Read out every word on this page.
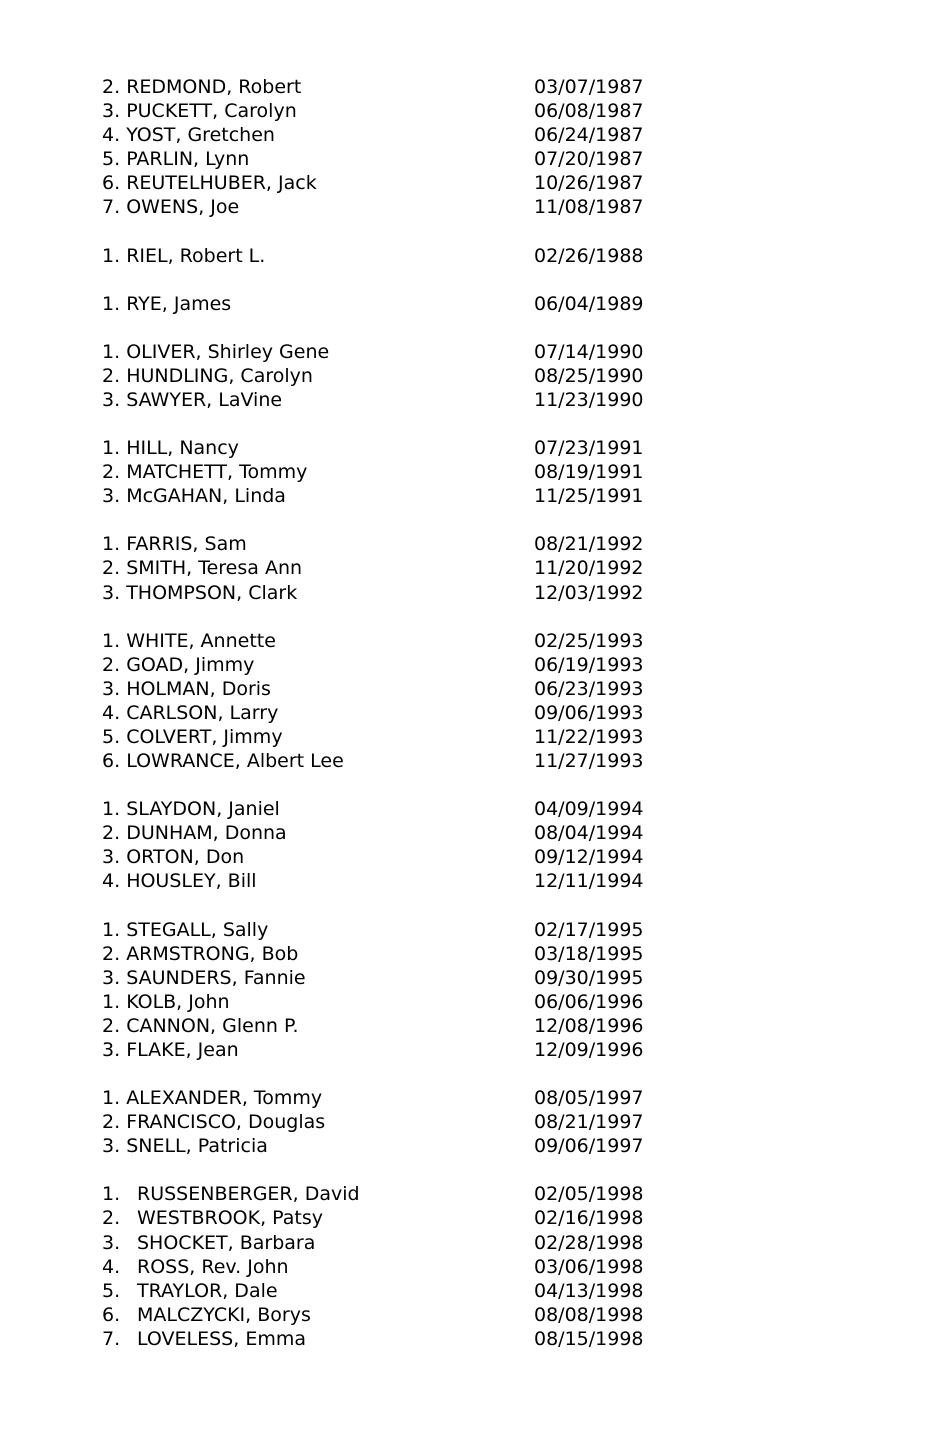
2. REDMOND, Robert	03/07/1987
3. PUCKETT, Carolyn	06/08/1987
4. YOST, Gretchen	06/24/1987
5. PARLIN, Lynn	07/20/1987
6. REUTELHUBER, Jack	10/26/1987
7. OWENS, Joe	11/08/1987
1. RIEL, Robert L.	02/26/1988
1. RYE, James	06/04/1989
1. OLIVER, Shirley Gene	07/14/1990
2. HUNDLING, Carolyn	08/25/1990
3. SAWYER, LaVine	11/23/1990
1. HILL, Nancy	07/23/1991
2. MATCHETT, Tommy	08/19/1991
3. McGAHAN, Linda	11/25/1991
1. FARRIS, Sam	08/21/1992
2. SMITH, Teresa Ann	11/20/1992
3. THOMPSON, Clark	12/03/1992
1. WHITE, Annette	02/25/1993
2. GOAD, Jimmy	06/19/1993
3. HOLMAN, Doris	06/23/1993
4. CARLSON, Larry	09/06/1993
5. COLVERT, Jimmy	11/22/1993
6. LOWRANCE, Albert Lee	11/27/1993
1. SLAYDON, Janiel	04/09/1994
2. DUNHAM, Donna	08/04/1994
3. ORTON, Don	09/12/1994
4. HOUSLEY, Bill	12/11/1994
1. STEGALL, Sally	02/17/1995
2. ARMSTRONG, Bob	03/18/1995
3. SAUNDERS, Fannie	09/30/1995
1. KOLB, John	06/06/1996
2. CANNON, Glenn P.	12/08/1996
3. FLAKE, Jean	12/09/1996
1. ALEXANDER, Tommy	08/05/1997
2. FRANCISCO, Douglas	08/21/1997
3. SNELL, Patricia	09/06/1997
1. RUSSENBERGER, David	02/05/1998
2. WESTBROOK, Patsy	02/16/1998
3. SHOCKET, Barbara	02/28/1998
4. ROSS, Rev. John	03/06/1998
5. TRAYLOR, Dale	04/13/1998
6. MALCZYCKI, Borys	08/08/1998
7. LOVELESS, Emma	08/15/1998
